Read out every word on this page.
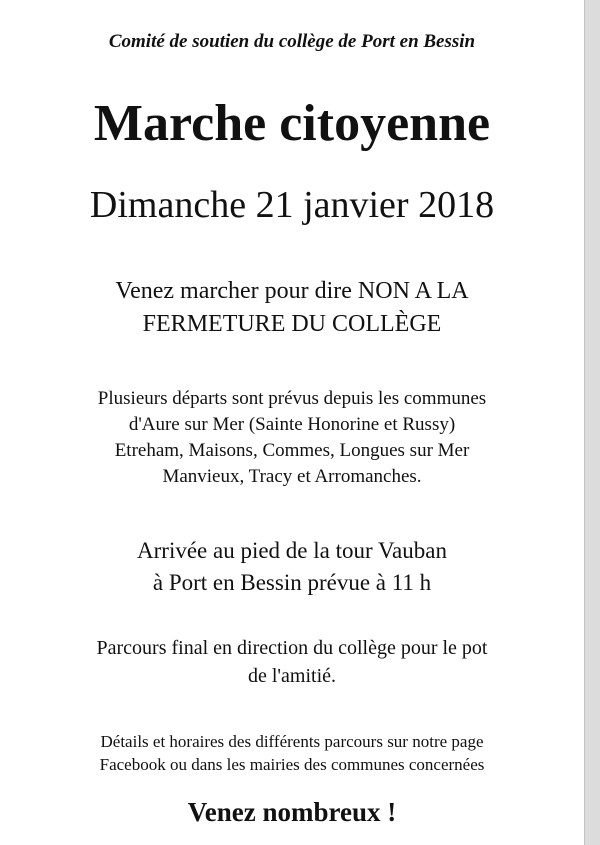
Comité de soutien du collège de Port en Bessin

Marche citoyenne

Dimanche 21 janvier 2018

Venez marcher pour dire NON A LA
FERMETURE DU COLLÈGE

Plusieurs départs sont prévus depuis les communes
d'Aure sur Mer (Sainte Honorine et Russy)
Etreham, Maisons, Commes, Longues sur Mer
Manvieux, Tracy et Arromanches.

Arrivée au pied de la tour Vauban
à Port en Bessin prévue à 11 h

Parcours final en direction du collège pour le pot
de l'amitié.

Détails et horaires des différents parcours sur notre page
Facebook ou dans les mairies des communes concernées

Venez nombreux !
